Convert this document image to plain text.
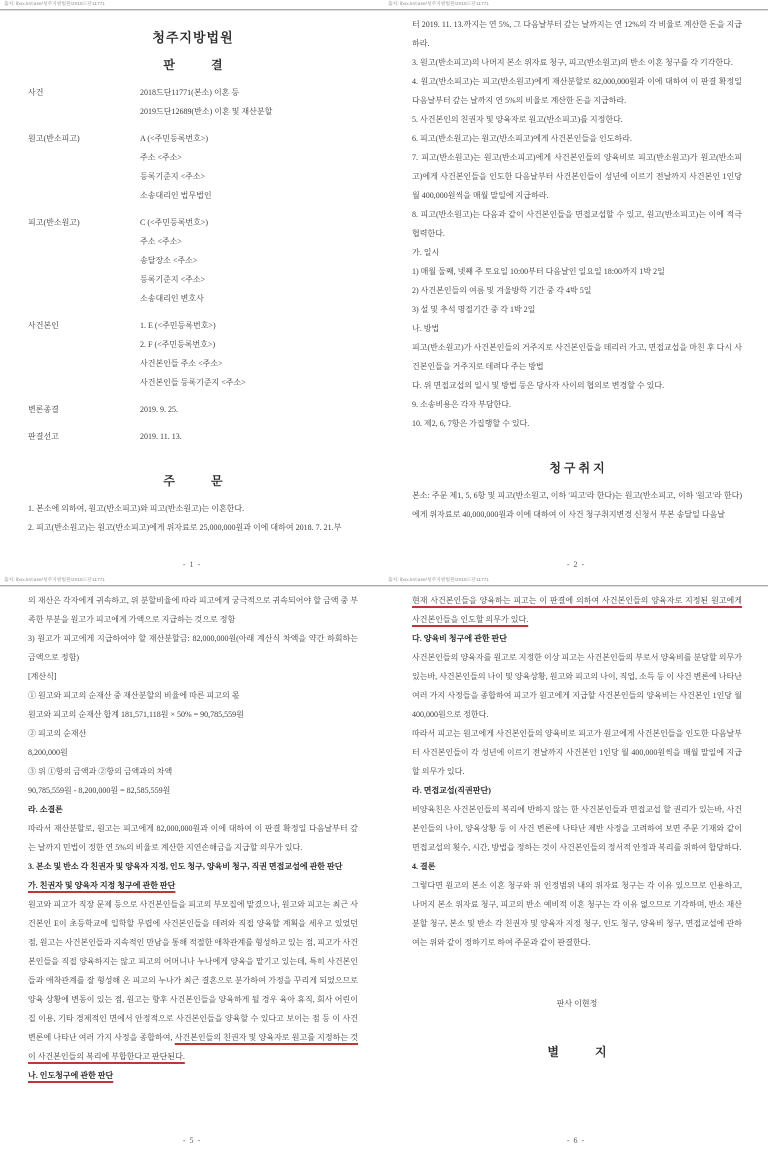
출처: lbox.kr/case/청주지방법원/2018드단11771
청주지방법원
판　　　결
사건	2018드단11771(본소) 이혼 등
2019드단12689(반소) 이혼 및 재산분할
원고(반소피고)	A (<주민등록번호>)
주소 <주소>
등록기준지 <주소>
소송대리인 법무법인
피고(반소원고)	C (<주민등록번호>)
주소 <주소>
송달장소 <주소>
등록기준지 <주소>
소송대리인 변호사
사건본인	1. E (<주민등록번호>)
2. F (<주민등록번호>)
사건본인들 주소 <주소>
사건본인들 등록기준지 <주소>
변론종결	2019. 9. 25.
판결선고	2019. 11. 13.
주　　　문

1. 본소에 의하여, 원고(반소피고)와 피고(반소원고)는 이혼한다.

2. 피고(반소원고)는 원고(반소피고)에게 위자료로 25,000,000원과 이에 대하여 2018. 7. 21.부

- 1 -
출처: lbox.kr/case/청주지방법원/2018드단11771

터 2019. 11. 13.까지는 연 5%, 그 다음날부터 갚는 날까지는 연 12%의 각 비율로 계산한 돈을 지급하라.

3. 원고(반소피고)의 나머지 본소 위자료 청구, 피고(반소원고)의 반소 이혼 청구를 각 기각한다.

4. 원고(반소피고)는 피고(반소원고)에게 재산분할로 82,000,000원과 이에 대하여 이 판결 확정일 다음날부터 갚는 날까지 연 5%의 비율로 계산한 돈을 지급하라.

5. 사건본인의 친권자 및 양육자로 원고(반소피고)를 지정한다.

6. 피고(반소원고)는 원고(반소피고)에게 사건본인들을 인도하라.

7. 피고(반소원고)는 원고(반소피고)에게 사건본인들의 양육비로 피고(반소원고)가 원고(반소피고)에게 사건본인들을 인도한 다음날부터 사건본인들이 성년에 이르기 전날까지 사건본인 1인당 월 400,000원씩을 매월 말일에 지급하라.

8. 피고(반소원고)는 다음과 같이 사건본인들을 면접교섭할 수 있고, 원고(반소피고)는 이에 적극 협력한다.

가. 일시

1) 매월 둘째, 넷째 주 토요일 10:00부터 다음날인 일요일 18:00까지 1박 2일

2) 사건본인들의 여름 및 겨울방학 기간 중 각 4박 5일

3) 설 및 추석 명절기간 중 각 1박 2일

나. 방법

피고(반소원고)가 사건본인들의 거주지로 사건본인들을 데리러 가고, 면접교섭을 마친 후 다시 사건본인들을 거주지로 데려다 주는 방법

다. 위 면접교섭의 일시 및 방법 등은 당사자 사이의 협의로 변경할 수 있다.

9. 소송비용은 각자 부담한다.

10. 제2, 6, 7항은 가집행할 수 있다.

청 구 취 지

본소: 주문 제1, 5, 6항 및 피고(반소원고, 이하 '피고'라 한다)는 원고(반소피고, 이하 '원고'라 한다)에게 위자료로 40,000,000원과 이에 대하여 이 사건 청구취지변경 신청서 부본 송달일 다음날

- 2 -
출처: lbox.kr/case/청주지방법원/2018드단11771

의 재산은 각자에게 귀속하고, 위 분할비율에 따라 피고에게 궁극적으로 귀속되어야 할 금액 중 부족한 부분을 원고가 피고에게 가액으로 지급하는 것으로 정함

3) 원고가 피고에게 지급하여야 할 재산분할금: 82,000,000원(아래 계산식 차액을 약간 하회하는 금액으로 정함)

[계산식]

① 원고와 피고의 순재산 중 재산분할의 비율에 따른 피고의 몫

원고와 피고의 순재산 합계 181,571,118원 × 50% = 90,785,559원

② 피고의 순재산

8,200,000원

③ 위 ①항의 금액과 ②항의 금액과의 차액

90,785,559원 - 8,200,000원 = 82,585,559원

라. 소결론

따라서 재산분할로, 원고는 피고에게 82,000,000원과 이에 대하여 이 판결 확정일 다음날부터 갚는 날까지 민법이 정한 연 5%의 비율로 계산한 지연손해금을 지급할 의무가 있다.

3. 본소 및 반소 각 친권자 및 양육자 지정, 인도 청구, 양육비 청구, 직권 면접교섭에 관한 판단

가. 친권자 및 양육자 지정 청구에 관한 판단

원고와 피고가 직장 문제 등으로 사건본인들을 피고의 부모집에 맡겼으나, 원고와 피고는 최근 사건본인 E이 초등학교에 입학할 무렵에 사건본인들을 데려와 직접 양육할 계획을 세우고 있었던 점, 원고는 사건본인들과 지속적인 만남을 통해 적절한 애착관계를 형성하고 있는 점, 피고가 사건본인들을 직접 양육하지는 않고 피고의 어머니나 누나에게 양육을 맡기고 있는데, 특히 사건본인들과 애착관계를 잘 형성해 온 피고의 누나가 최근 결혼으로 분가하여 가정을 꾸리게 되었으므로 양육 상황에 변동이 있는 점, 원고는 향후 사건본인들을 양육하게 될 경우 육아 휴직, 회사 어린이집 이용, 기타 경제적인 면에서 안정적으로 사건본인들을 양육할 수 있다고 보이는 점 등 이 사건 변론에 나타난 여러 가지 사정을 종합하여, 사건본인들의 친권자 및 양육자로 원고를 지정하는 것이 사건본인들의 복리에 부합한다고 판단된다.

나. 인도청구에 관한 판단

- 5 -
출처: lbox.kr/case/청주지방법원/2018드단11771

현재 사건본인들을 양육하는 피고는 이 판결에 의하여 사건본인들의 양육자로 지정된 원고에게 사건본인들을 인도할 의무가 있다.

다. 양육비 청구에 관한 판단

사건본인들의 양육자를 원고로 지정한 이상 피고는 사건본인들의 부로서 양육비를 분담할 의무가 있는바, 사건본인들의 나이 및 양육상황, 원고와 피고의 나이, 직업, 소득 등 이 사건 변론에 나타난 여러 가지 사정들을 종합하여 피고가 원고에게 지급할 사건본인들의 양육비는 사건본인 1인당 월 400,000원으로 정한다.

따라서 피고는 원고에게 사건본인들의 양육비로 피고가 원고에게 사건본인들을 인도한 다음날부터 사건본인들이 각 성년에 이르기 전날까지 사건본인 1인당 월 400,000원씩을 매월 말일에 지급할 의무가 있다.

라. 면접교섭(직권판단)

비양육친은 사건본인들의 복리에 반하지 않는 한 사건본인들과 면접교섭 할 권리가 있는바, 사건본인들의 나이, 양육상황 등 이 사건 변론에 나타난 제반 사정을 고려하여 보면 주문 기재와 같이 면접교섭의 횟수, 시간, 방법을 정하는 것이 사건본인들의 정서적 안정과 복리를 위하여 합당하다.

4. 결론

그렇다면 원고의 본소 이혼 청구와 위 인정범위 내의 위자료 청구는 각 이유 있으므로 인용하고, 나머지 본소 위자료 청구, 피고의 반소 예비적 이혼 청구는 각 이유 없으므로 기각하며, 반소 재산분할 청구, 본소 및 반소 각 친권자 및 양육자 지정 청구, 인도 청구, 양육비 청구, 면접교섭에 관하여는 위와 같이 정하기로 하여 주문과 같이 판결한다.

판사 이현정
별　　　지
- 6 -
